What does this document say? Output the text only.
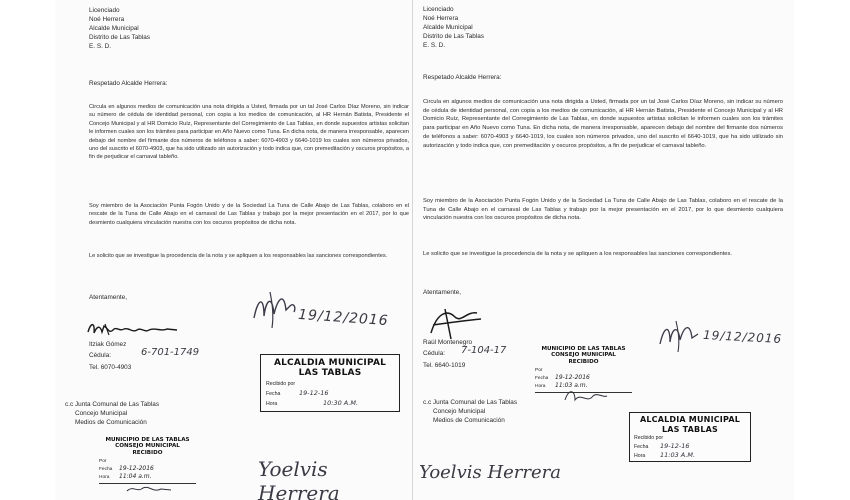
Licenciado
Noé Herrera
Alcalde Municipal
Distrito de Las Tablas
E. S. D.
Respetado Alcalde Herrera:
Circula en algunos medios de comunicación una nota dirigida a Usted, firmada por un tal José Carlos Díaz Moreno, sin indicar su número de cédula de identidad personal, con copia a los medios de comunicación, al HR Hernán Batista, Presidente el Concejo Municipal y al HR Domicio Ruíz, Representante del Corregimiento de Las Tablas, en donde supuestos artistas solicitan le informen cuales son los trámites para participar en Año Nuevo como Tuna. En dicha nota, de manera irresponsable, aparecen debajo del nombre del firmante dos números de teléfonos a saber: 6070-4903 y 6640-1019 los cuales son números privados, uno del suscrito el 6070-4903, que ha sido utilizado sin autorización y todo indica que, con premeditación y oscuros propósitos, a fin de perjudicar el carnaval tableño.
Soy miembro de la Asociación Punta Fogón Unido y de la Sociedad La Tuna de Calle Abajo de Las Tablas, colaboro en el rescate de la Tuna de Calle Abajo en el carnaval de Las Tablas y trabajo por la mejor presentación en el 2017, por lo que desmiento cualquiera vinculación nuestra con los oscuros propósitos de dicha nota.
Le solicito que se investigue la procedencia de la nota y se apliquen a los responsables las sanciones correspondientes.
Atentamente,
Itziak Gómez
Cédula:	6-701-1749
Tel. 6070-4903
c.c Junta Comunal de Las Tablas
Concejo Municipal
Medios de Comunicación
19/12/2016
ALCALDIA MUNICIPAL
LAS TABLAS
Recibido por
Fecha	19-12-16
Hora	10:30 A.M.
MUNICIPIO DE LAS TABLAS
CONSEJO MUNICIPAL
RECIBIDO
Por
Fecha 19-12-2016
Hora 11:04 a.m.	Yoelvis Herrera
Licenciado
Noé Herrera
Alcalde Municipal
Distrito de Las Tablas
E. S. D.
Respetado Alcalde Herrera:
Circula en algunos medios de comunicación una nota dirigida a Usted, firmada por un tal José Carlos Díaz Moreno, sin indicar su número de cédula de identidad personal, con copia a los medios de comunicación, al HR Hernán Batista, Presidente el Concejo Municipal y al HR Domicio Ruíz, Representante del Corregimiento de Las Tablas, en donde supuestos artistas solicitan le informen cuales son los trámites para participar en Año Nuevo como Tuna. En dicha nota, de manera irresponsable, aparecen debajo del nombre del firmante dos números de teléfonos a saber: 6070-4903 y 6640-1019, los cuales son números privados, uno del suscrito el 6640-1019, que ha sido utilizado sin autorización y todo indica que, con premeditación y oscuros propósitos, a fin de perjudicar el carnaval tableño.
Soy miembro de la Asociación Punta Fogón Unido y de la Sociedad La Tuna de Calle Abajo de Las Tablas, colaboro en el rescate de la Tuna de Calle Abajo en el carnaval de Las Tablas y trabajo por la mejor presentación en el 2017, por lo que desmiento cualquiera vinculación nuestra con los oscuros propósitos de dicha nota.
Le solicito que se investigue la procedencia de la nota y se apliquen a los responsables las sanciones correspondientes.
Atentamente,
Raúl Montenegro
Cédula: 7-104-17
Tel. 6640-1019
c.c Junta Comunal de Las Tablas
Concejo Municipal
Medios de Comunicación
MUNICIPIO DE LAS TABLAS
CONSEJO MUNICIPAL
RECIBIDO
Por
Fecha 19-12-2016
Hora 11:03 a.m.
19/12/2016
ALCALDIA MUNICIPAL
LAS TABLAS
Recibido por
Fecha 19-12-16
Hora 11:03 A.M.
Yoelvis Herrera
